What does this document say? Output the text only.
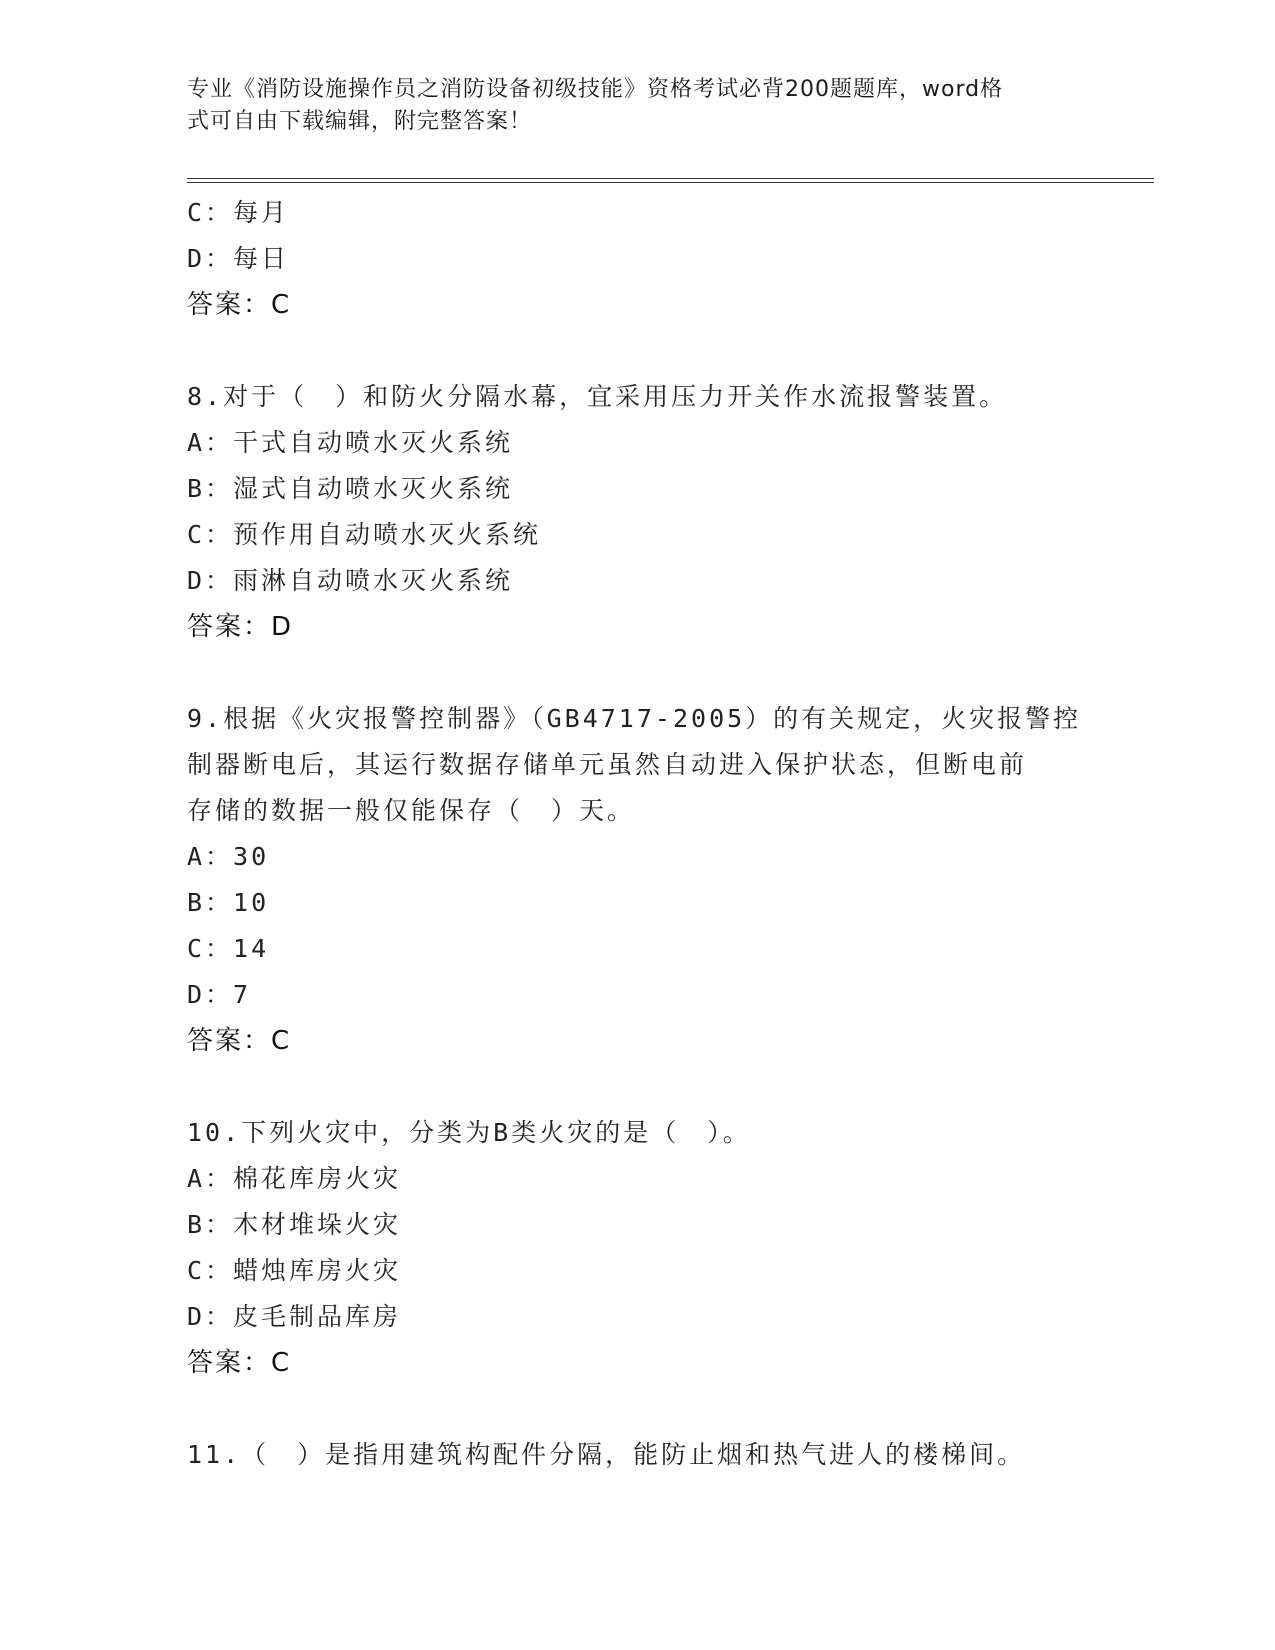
专业《消防设施操作员之消防设备初级技能》资格考试必背200题题库，word格
式可自由下载编辑，附完整答案！
C：每月
D：每日
答案：C
8.对于（　）和防火分隔水幕，宜采用压力开关作水流报警装置。
A：干式自动喷水灭火系统
B：湿式自动喷水灭火系统
C：预作用自动喷水灭火系统
D：雨淋自动喷水灭火系统
答案：D
9.根据《火灾报警控制器》（GB4717-2005）的有关规定，火灾报警控
制器断电后，其运行数据存储单元虽然自动进入保护状态，但断电前
存储的数据一般仅能保存（　）天。
A：30
B：10
C：14
D：7
答案：C
10.下列火灾中，分类为B类火灾的是（　）。
A：棉花库房火灾
B：木材堆垛火灾
C：蜡烛库房火灾
D：皮毛制品库房
答案：C
11.（　）是指用建筑构配件分隔，能防止烟和热气进人的楼梯间。
